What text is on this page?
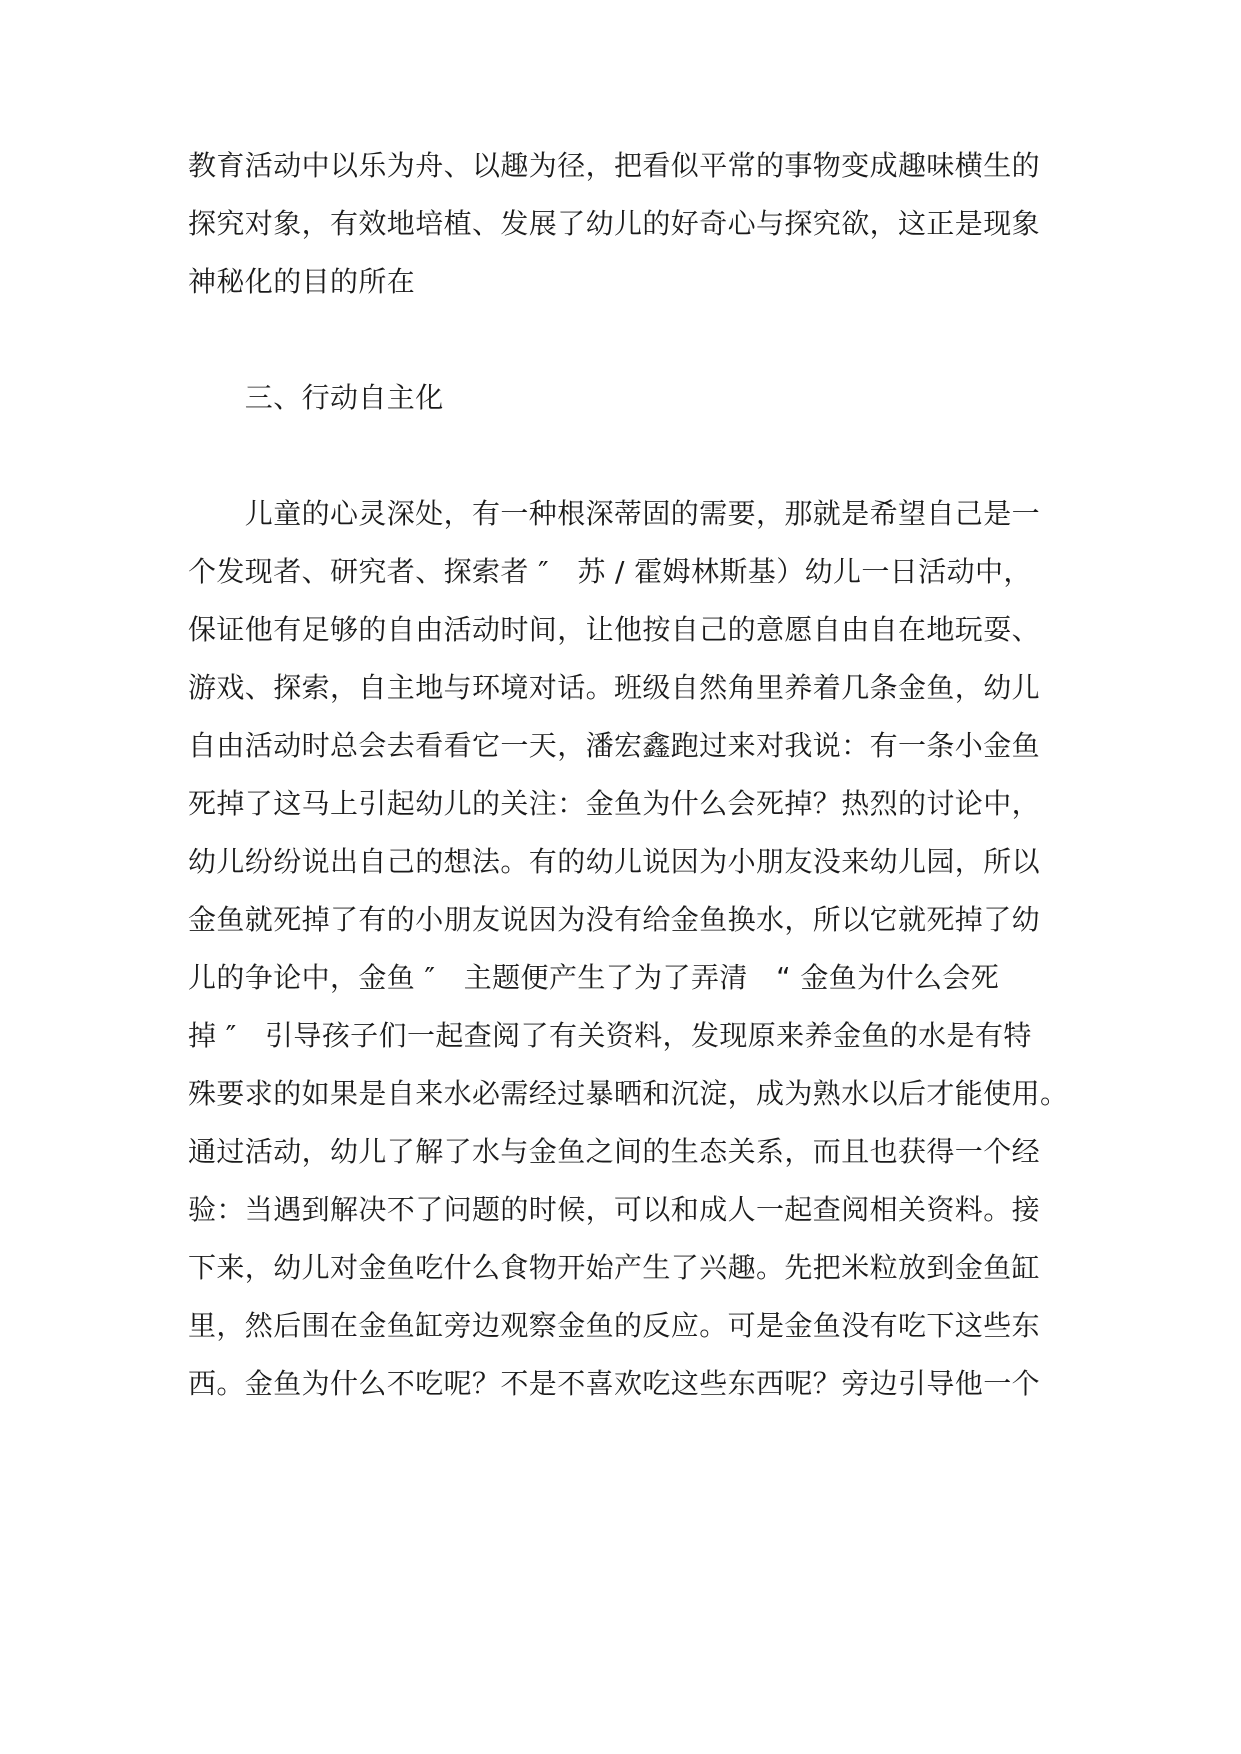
教育活动中以乐为舟、以趣为径，把看似平常的事物变成趣味横生的
探究对象，有效地培植、发展了幼儿的好奇心与探究欲，这正是现象
神秘化的目的所在
　　三、行动自主化
　　儿童的心灵深处，有一种根深蒂固的需要，那就是希望自己是一
个发现者、研究者、探索者 ″　苏 / 霍姆林斯基）幼儿一日活动中，
保证他有足够的自由活动时间，让他按自己的意愿自由自在地玩耍、
游戏、探索，自主地与环境对话。班级自然角里养着几条金鱼，幼儿
自由活动时总会去看看它一天，潘宏鑫跑过来对我说：有一条小金鱼
死掉了这马上引起幼儿的关注：金鱼为什么会死掉？热烈的讨论中，
幼儿纷纷说出自己的想法。有的幼儿说因为小朋友没来幼儿园，所以
金鱼就死掉了有的小朋友说因为没有给金鱼换水，所以它就死掉了幼
儿的争论中，金鱼 ″　主题便产生了为了弄清　“ 金鱼为什么会死
掉 ″　引导孩子们一起查阅了有关资料，发现原来养金鱼的水是有特
殊要求的如果是自来水必需经过暴晒和沉淀，成为熟水以后才能使用。
通过活动，幼儿了解了水与金鱼之间的生态关系，而且也获得一个经
验：当遇到解决不了问题的时候，可以和成人一起查阅相关资料。接
下来，幼儿对金鱼吃什么食物开始产生了兴趣。先把米粒放到金鱼缸
里，然后围在金鱼缸旁边观察金鱼的反应。可是金鱼没有吃下这些东
西。金鱼为什么不吃呢？不是不喜欢吃这些东西呢？旁边引导他一个
